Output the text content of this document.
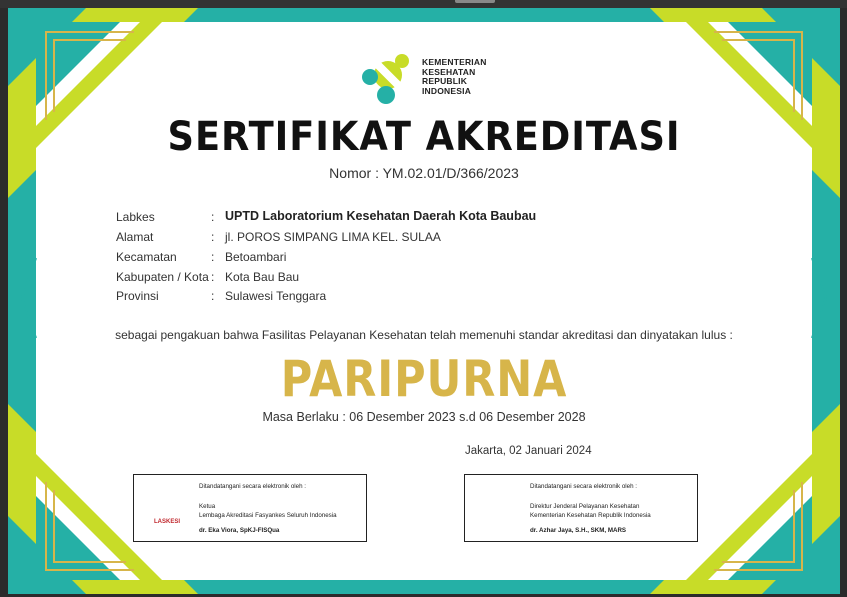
KEMENTERIAN
KESEHATAN
REPUBLIK
INDONESIA
SERTIFIKAT AKREDITASI
Nomor : YM.02.01/D/366/2023
Labkes	: UPTD Laboratorium Kesehatan Daerah Kota Baubau
Alamat	: jl. POROS SIMPANG LIMA KEL. SULAA
Kecamatan	: Betoambari
Kabupaten / Kota : Kota Bau Bau
Provinsi	: Sulawesi Tenggara
sebagai pengakuan bahwa Fasilitas Pelayanan Kesehatan telah memenuhi standar akreditasi dan dinyatakan lulus :
PARIPURNA
Masa Berlaku : 06 Desember 2023 s.d 06 Desember 2028
Jakarta, 02 Januari 2024
Ditandatangani secara elektronik oleh :
Ketua
Lembaga Akreditasi Fasyankes Seluruh Indonesia
dr. Eka Viora, SpKJ-FISQua
LASKESI
Ditandatangani secara elektronik oleh :
Direktur Jenderal Pelayanan Kesehatan
Kementerian Kesehatan Republik Indonesia
dr. Azhar Jaya, S.H., SKM, MARS
